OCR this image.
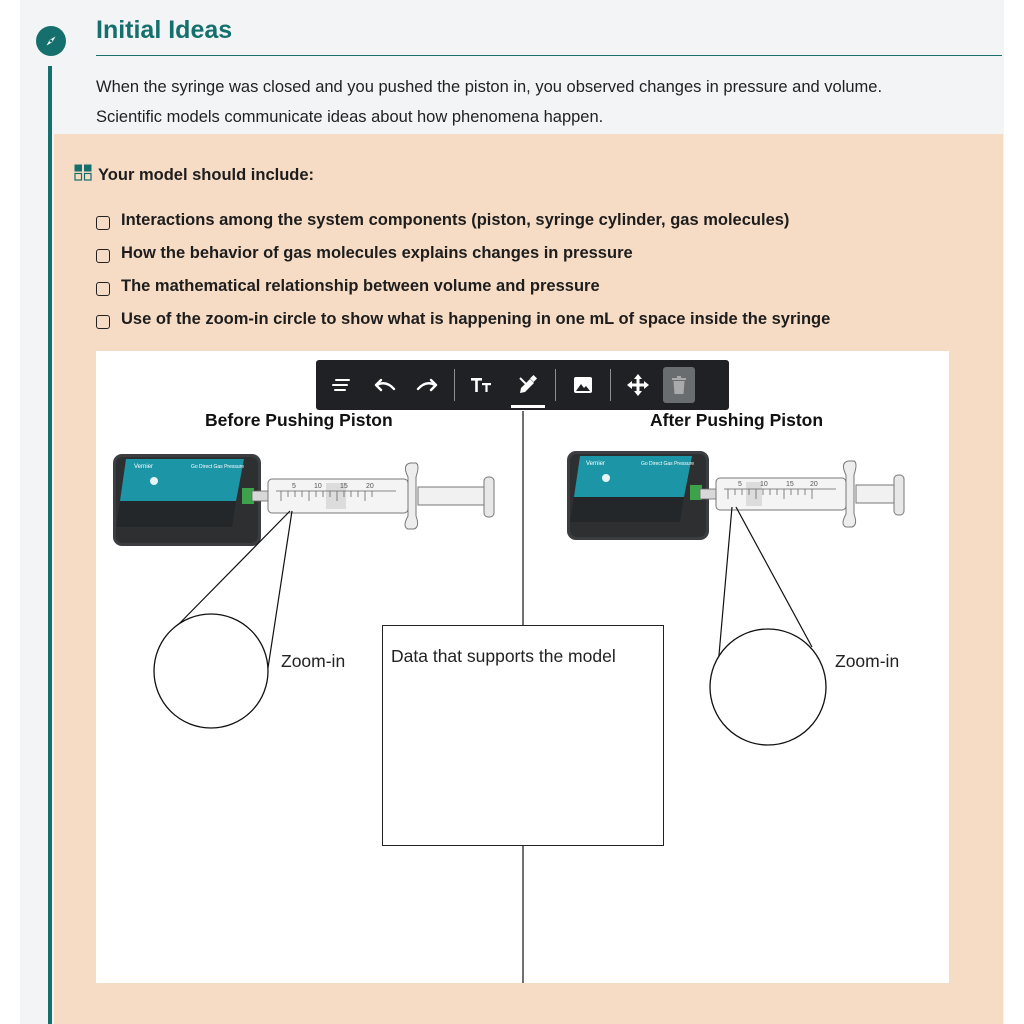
Initial Ideas

When the syringe was closed and you pushed the piston in, you observed changes in pressure and volume.

Scientific models communicate ideas about how phenomena happen.

Your model should include:
Interactions among the system components (piston, syringe cylinder, gas molecules)
How the behavior of gas molecules explains changes in pressure
The mathematical relationship between volume and pressure
Use of the zoom-in circle to show what is happening in one mL of space inside the syringe
Vernier	Go Direct Gas Pressure
5	10	15	20
Vernier	Go Direct Gas Pressure
5	10	15 20
Before Pushing Piston	After Pushing Piston
Zoom-in	Zoom-in
Data that supports the model
